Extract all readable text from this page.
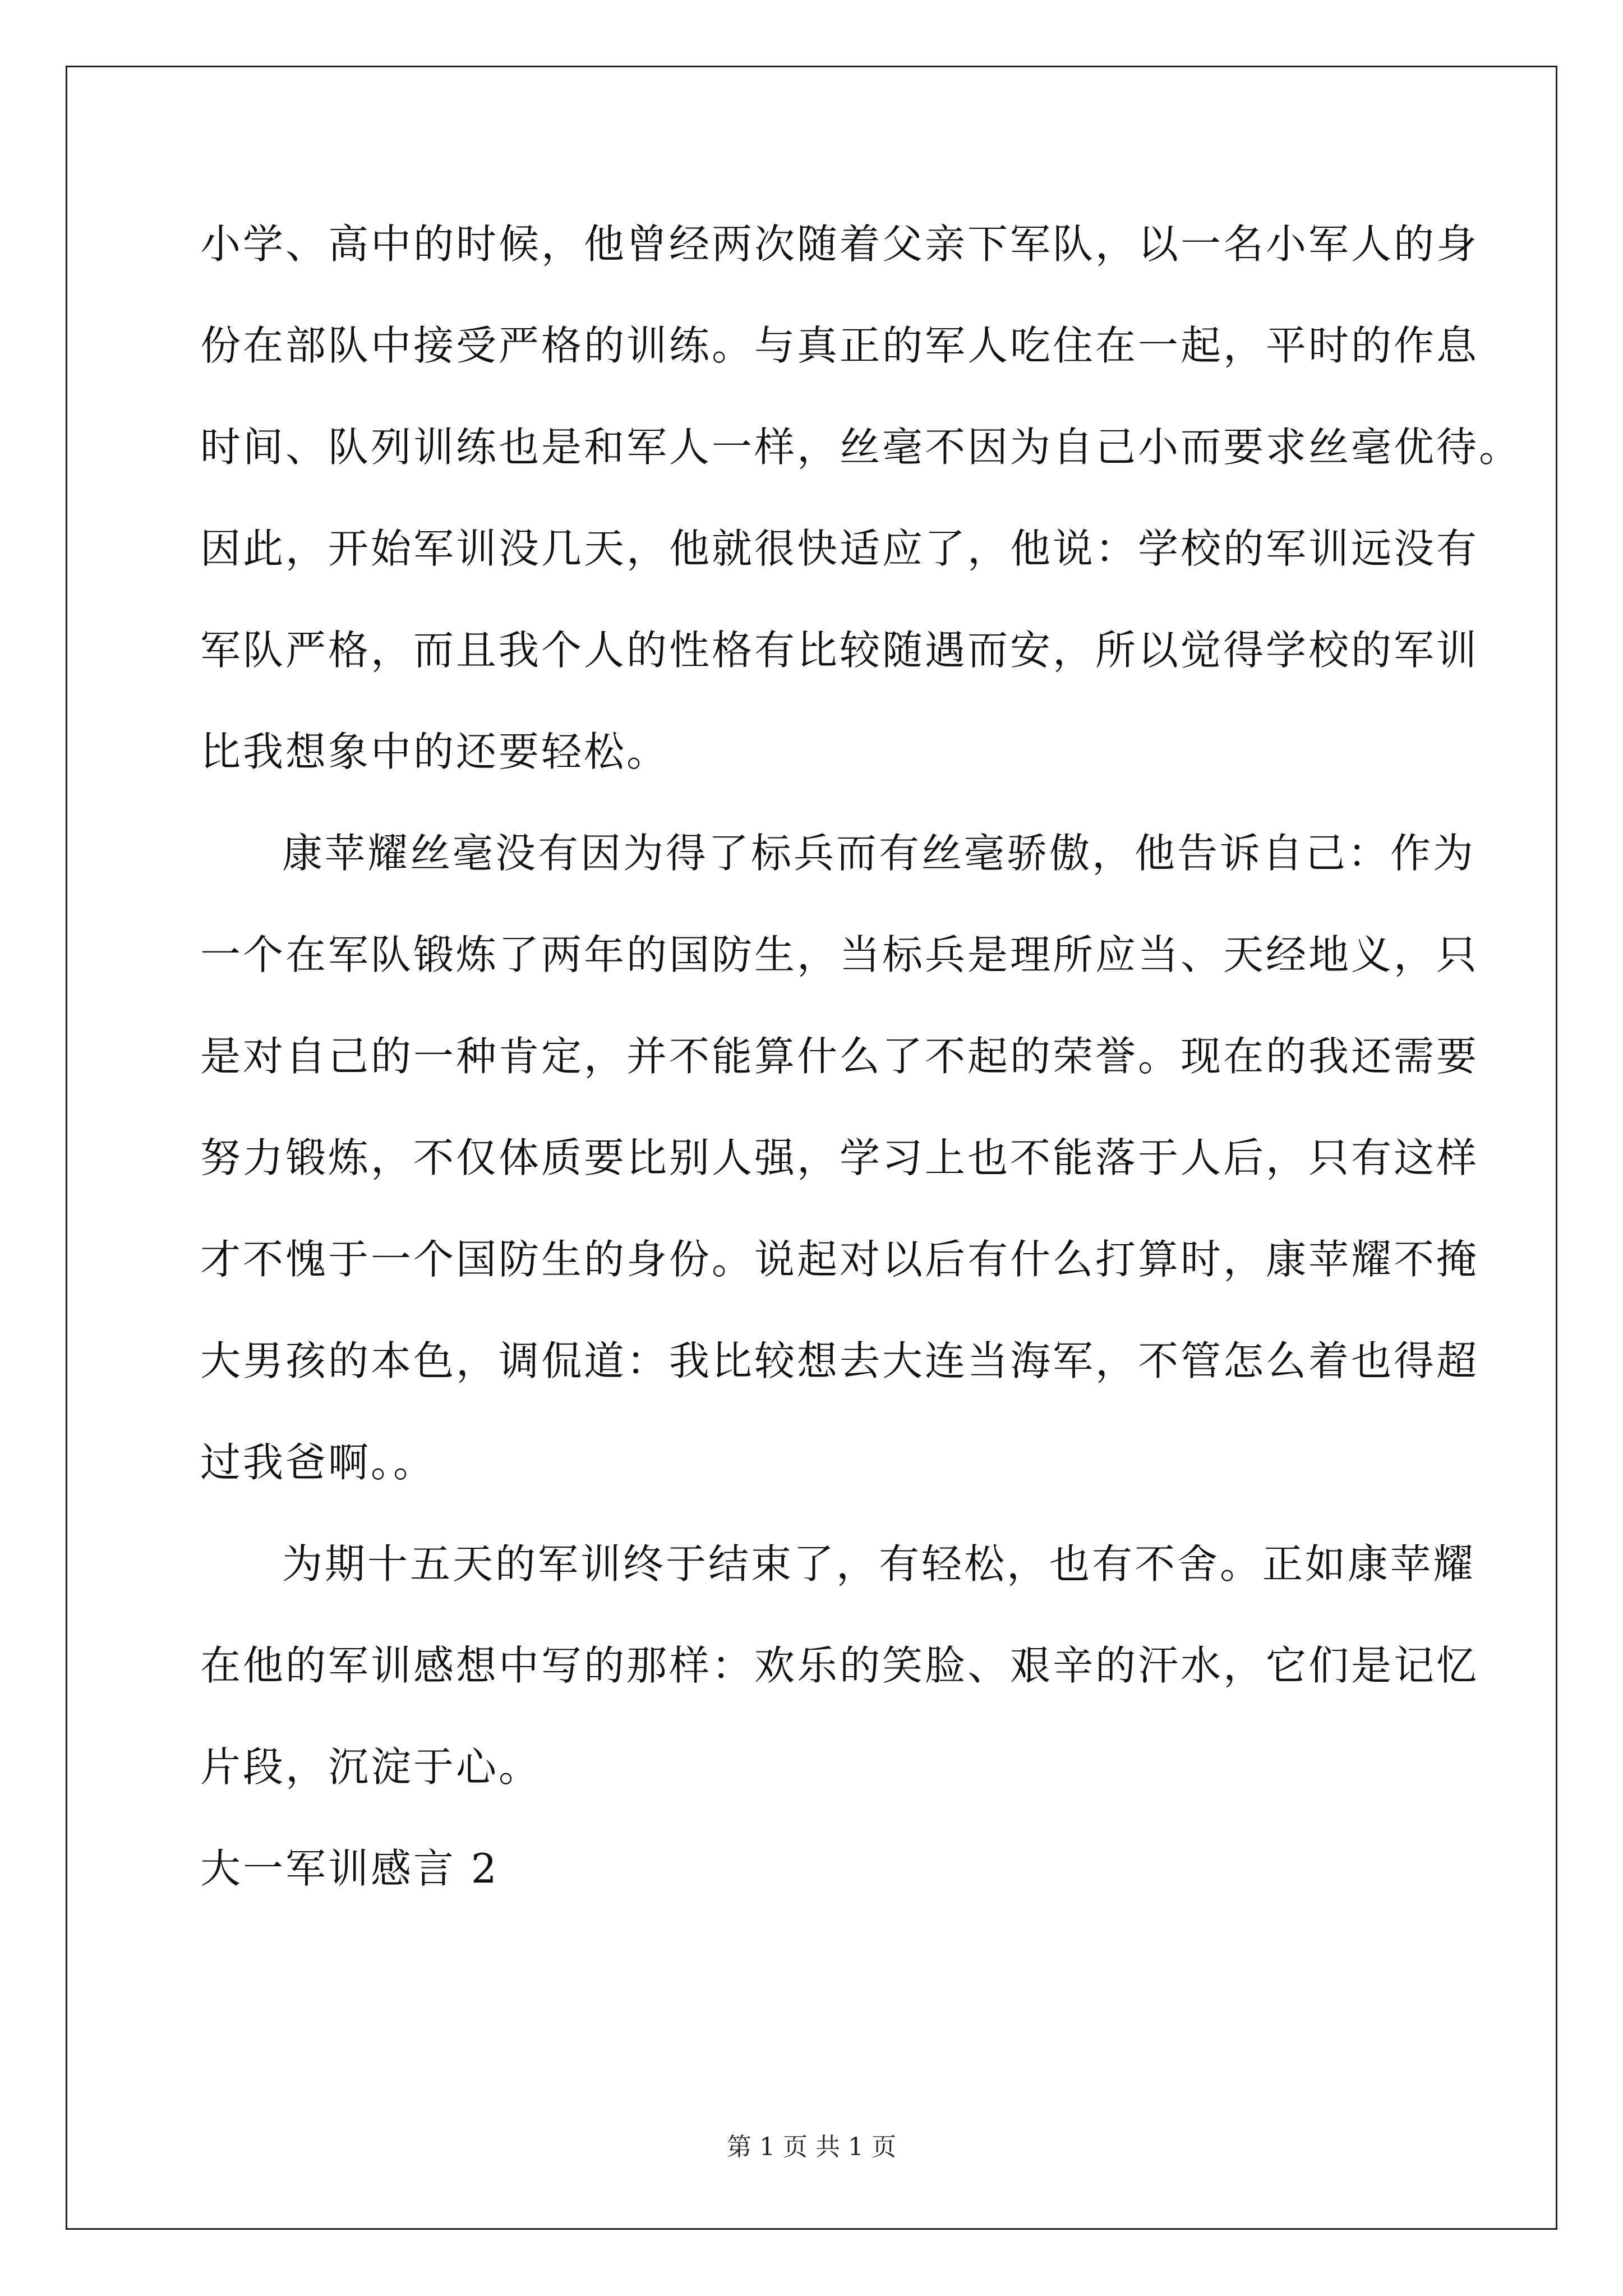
小学、高中的时候，他曾经两次随着父亲下军队，以一名小军人的身
份在部队中接受严格的训练。与真正的军人吃住在一起，平时的作息
时间、队列训练也是和军人一样，丝毫不因为自己小而要求丝毫优待。
因此，开始军训没几天，他就很快适应了，他说：学校的军训远没有
军队严格，而且我个人的性格有比较随遇而安，所以觉得学校的军训
比我想象中的还要轻松。
康苹耀丝毫没有因为得了标兵而有丝毫骄傲，他告诉自己：作为
一个在军队锻炼了两年的国防生，当标兵是理所应当、天经地义，只
是对自己的一种肯定，并不能算什么了不起的荣誉。现在的我还需要
努力锻炼，不仅体质要比别人强，学习上也不能落于人后，只有这样
才不愧于一个国防生的身份。说起对以后有什么打算时，康苹耀不掩
大男孩的本色，调侃道：我比较想去大连当海军，不管怎么着也得超
过我爸啊。。
为期十五天的军训终于结束了，有轻松，也有不舍。正如康苹耀
在他的军训感想中写的那样：欢乐的笑脸、艰辛的汗水，它们是记忆
片段，沉淀于心。
大一军训感言 2
第 1 页 共 1 页
